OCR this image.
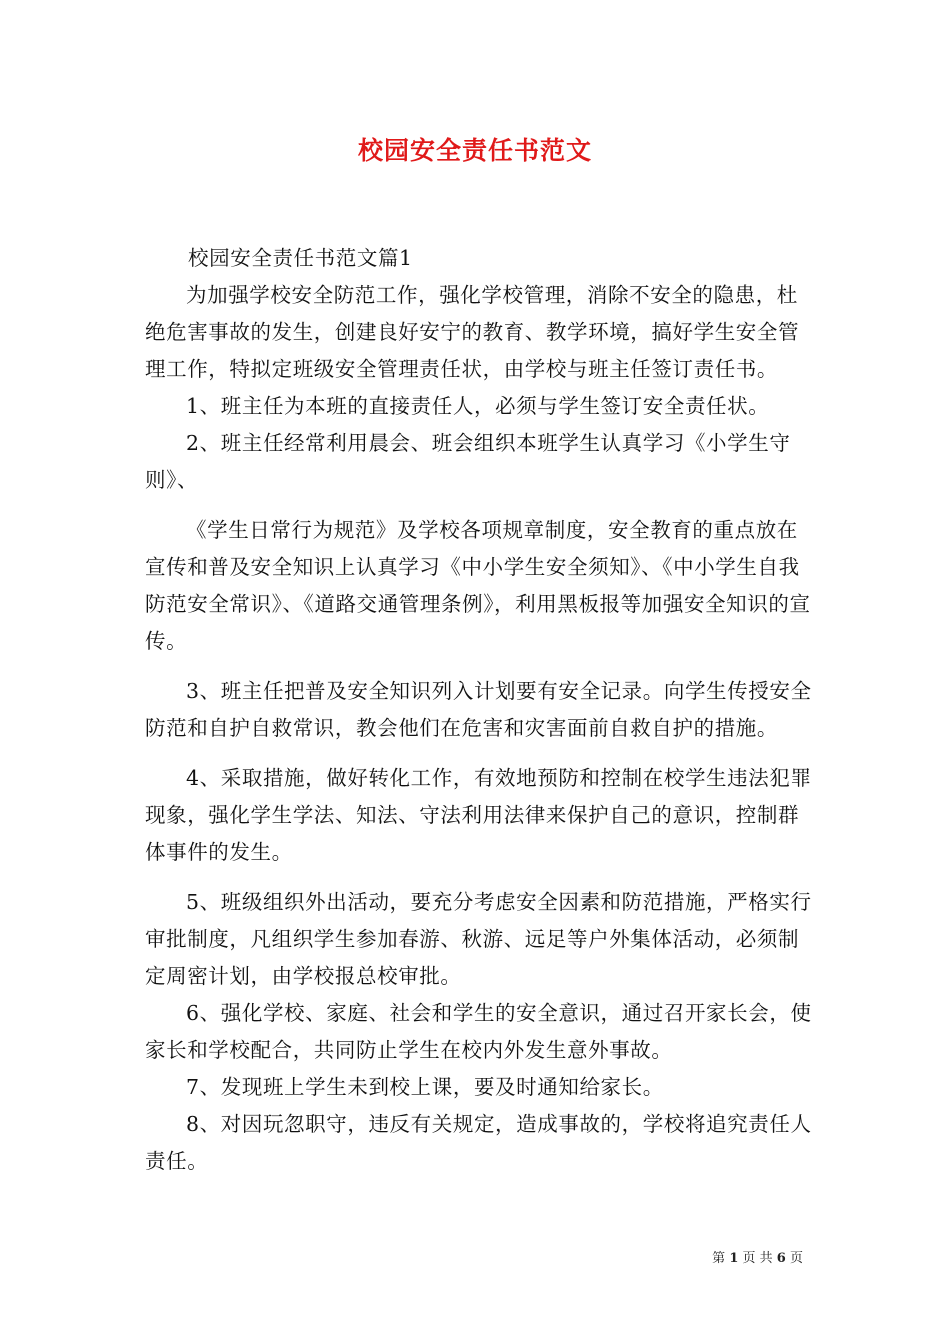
校园安全责任书范文

校园安全责任书范文篇1

为加强学校安全防范工作，强化学校管理，消除不安全的隐患，杜绝危害事故的发生，创建良好安宁的教育、教学环境，搞好学生安全管理工作，特拟定班级安全管理责任状，由学校与班主任签订责任书。

1、班主任为本班的直接责任人，必须与学生签订安全责任状。

2、班主任经常利用晨会、班会组织本班学生认真学习《小学生守则》、

《学生日常行为规范》及学校各项规章制度，安全教育的重点放在宣传和普及安全知识上认真学习《中小学生安全须知》、《中小学生自我防范安全常识》、《道路交通管理条例》，利用黑板报等加强安全知识的宣传。

3、班主任把普及安全知识列入计划要有安全记录。向学生传授安全防范和自护自救常识，教会他们在危害和灾害面前自救自护的措施。

4、采取措施，做好转化工作，有效地预防和控制在校学生违法犯罪现象，强化学生学法、知法、守法利用法律来保护自己的意识，控制群体事件的发生。

5、班级组织外出活动，要充分考虑安全因素和防范措施，严格实行审批制度，凡组织学生参加春游、秋游、远足等户外集体活动，必须制定周密计划，由学校报总校审批。

6、强化学校、家庭、社会和学生的安全意识，通过召开家长会，使家长和学校配合，共同防止学生在校内外发生意外事故。

7、发现班上学生未到校上课，要及时通知给家长。

8、对因玩忽职守，违反有关规定，造成事故的，学校将追究责任人责任。

第 1 页 共 6 页
